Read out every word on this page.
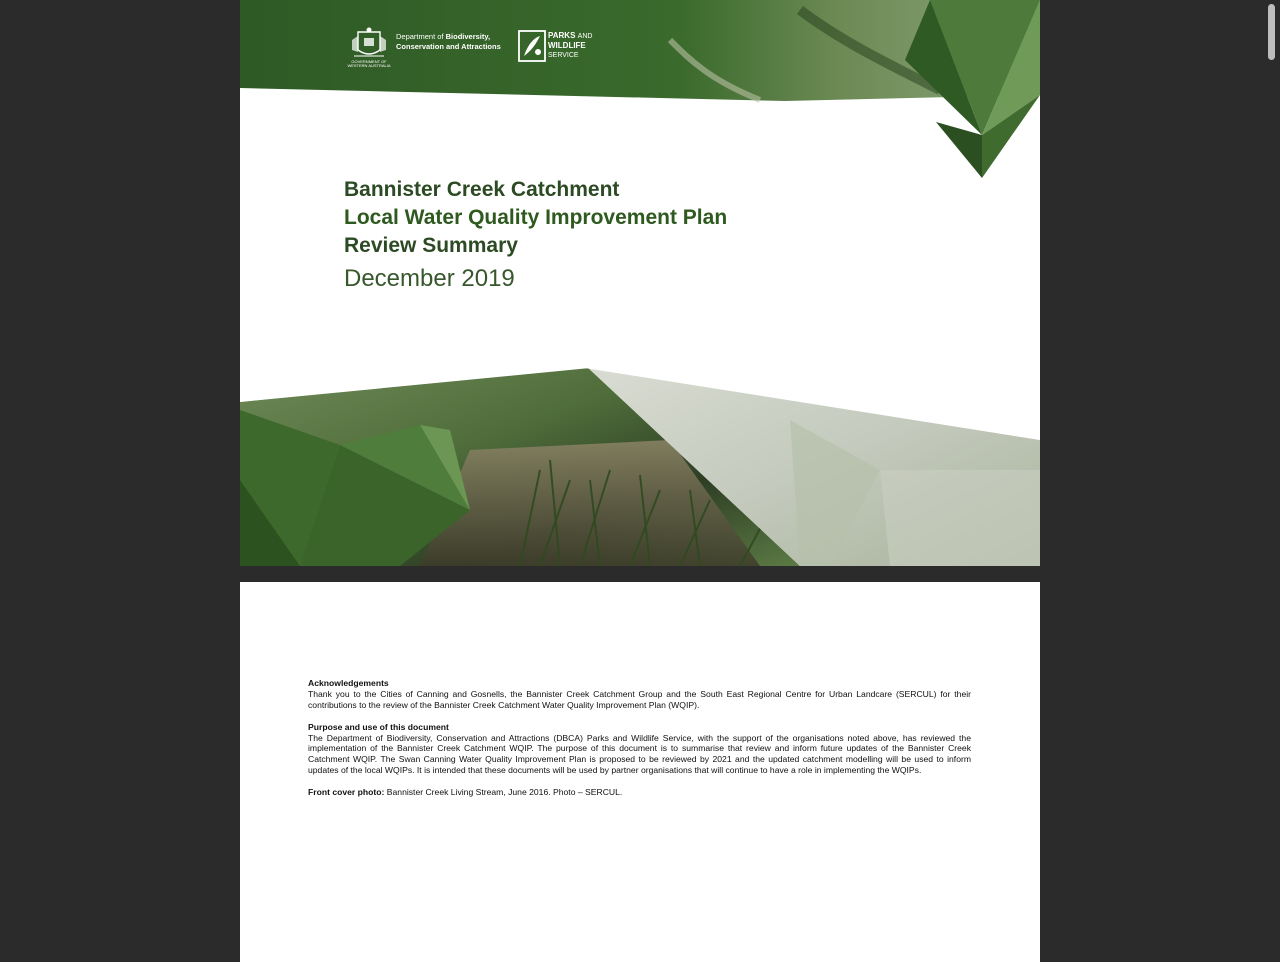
GOVERNMENT OF WESTERN AUSTRALIA
Department of Biodiversity,
Conservation and Attractions
PARKS AND
WILDLIFE
SERVICE
Bannister Creek Catchment
Local Water Quality Improvement Plan
Review Summary
December 2019

Acknowledgements
Thank you to the Cities of Canning and Gosnells, the Bannister Creek Catchment Group and the South East Regional Centre for Urban Landcare (SERCUL) for their contributions to the review of the Bannister Creek Catchment Water Quality Improvement Plan (WQIP).

Purpose and use of this document
The Department of Biodiversity, Conservation and Attractions (DBCA) Parks and Wildlife Service, with the support of the organisations noted above, has reviewed the implementation of the Bannister Creek Catchment WQIP. The purpose of this document is to summarise that review and inform future updates of the Bannister Creek Catchment WQIP. The Swan Canning Water Quality Improvement Plan is proposed to be reviewed by 2021 and the updated catchment modelling will be used to inform updates of the local WQIPs. It is intended that these documents will be used by partner organisations that will continue to have a role in implementing the WQIPs.

Front cover photo: Bannister Creek Living Stream, June 2016. Photo – SERCUL.
